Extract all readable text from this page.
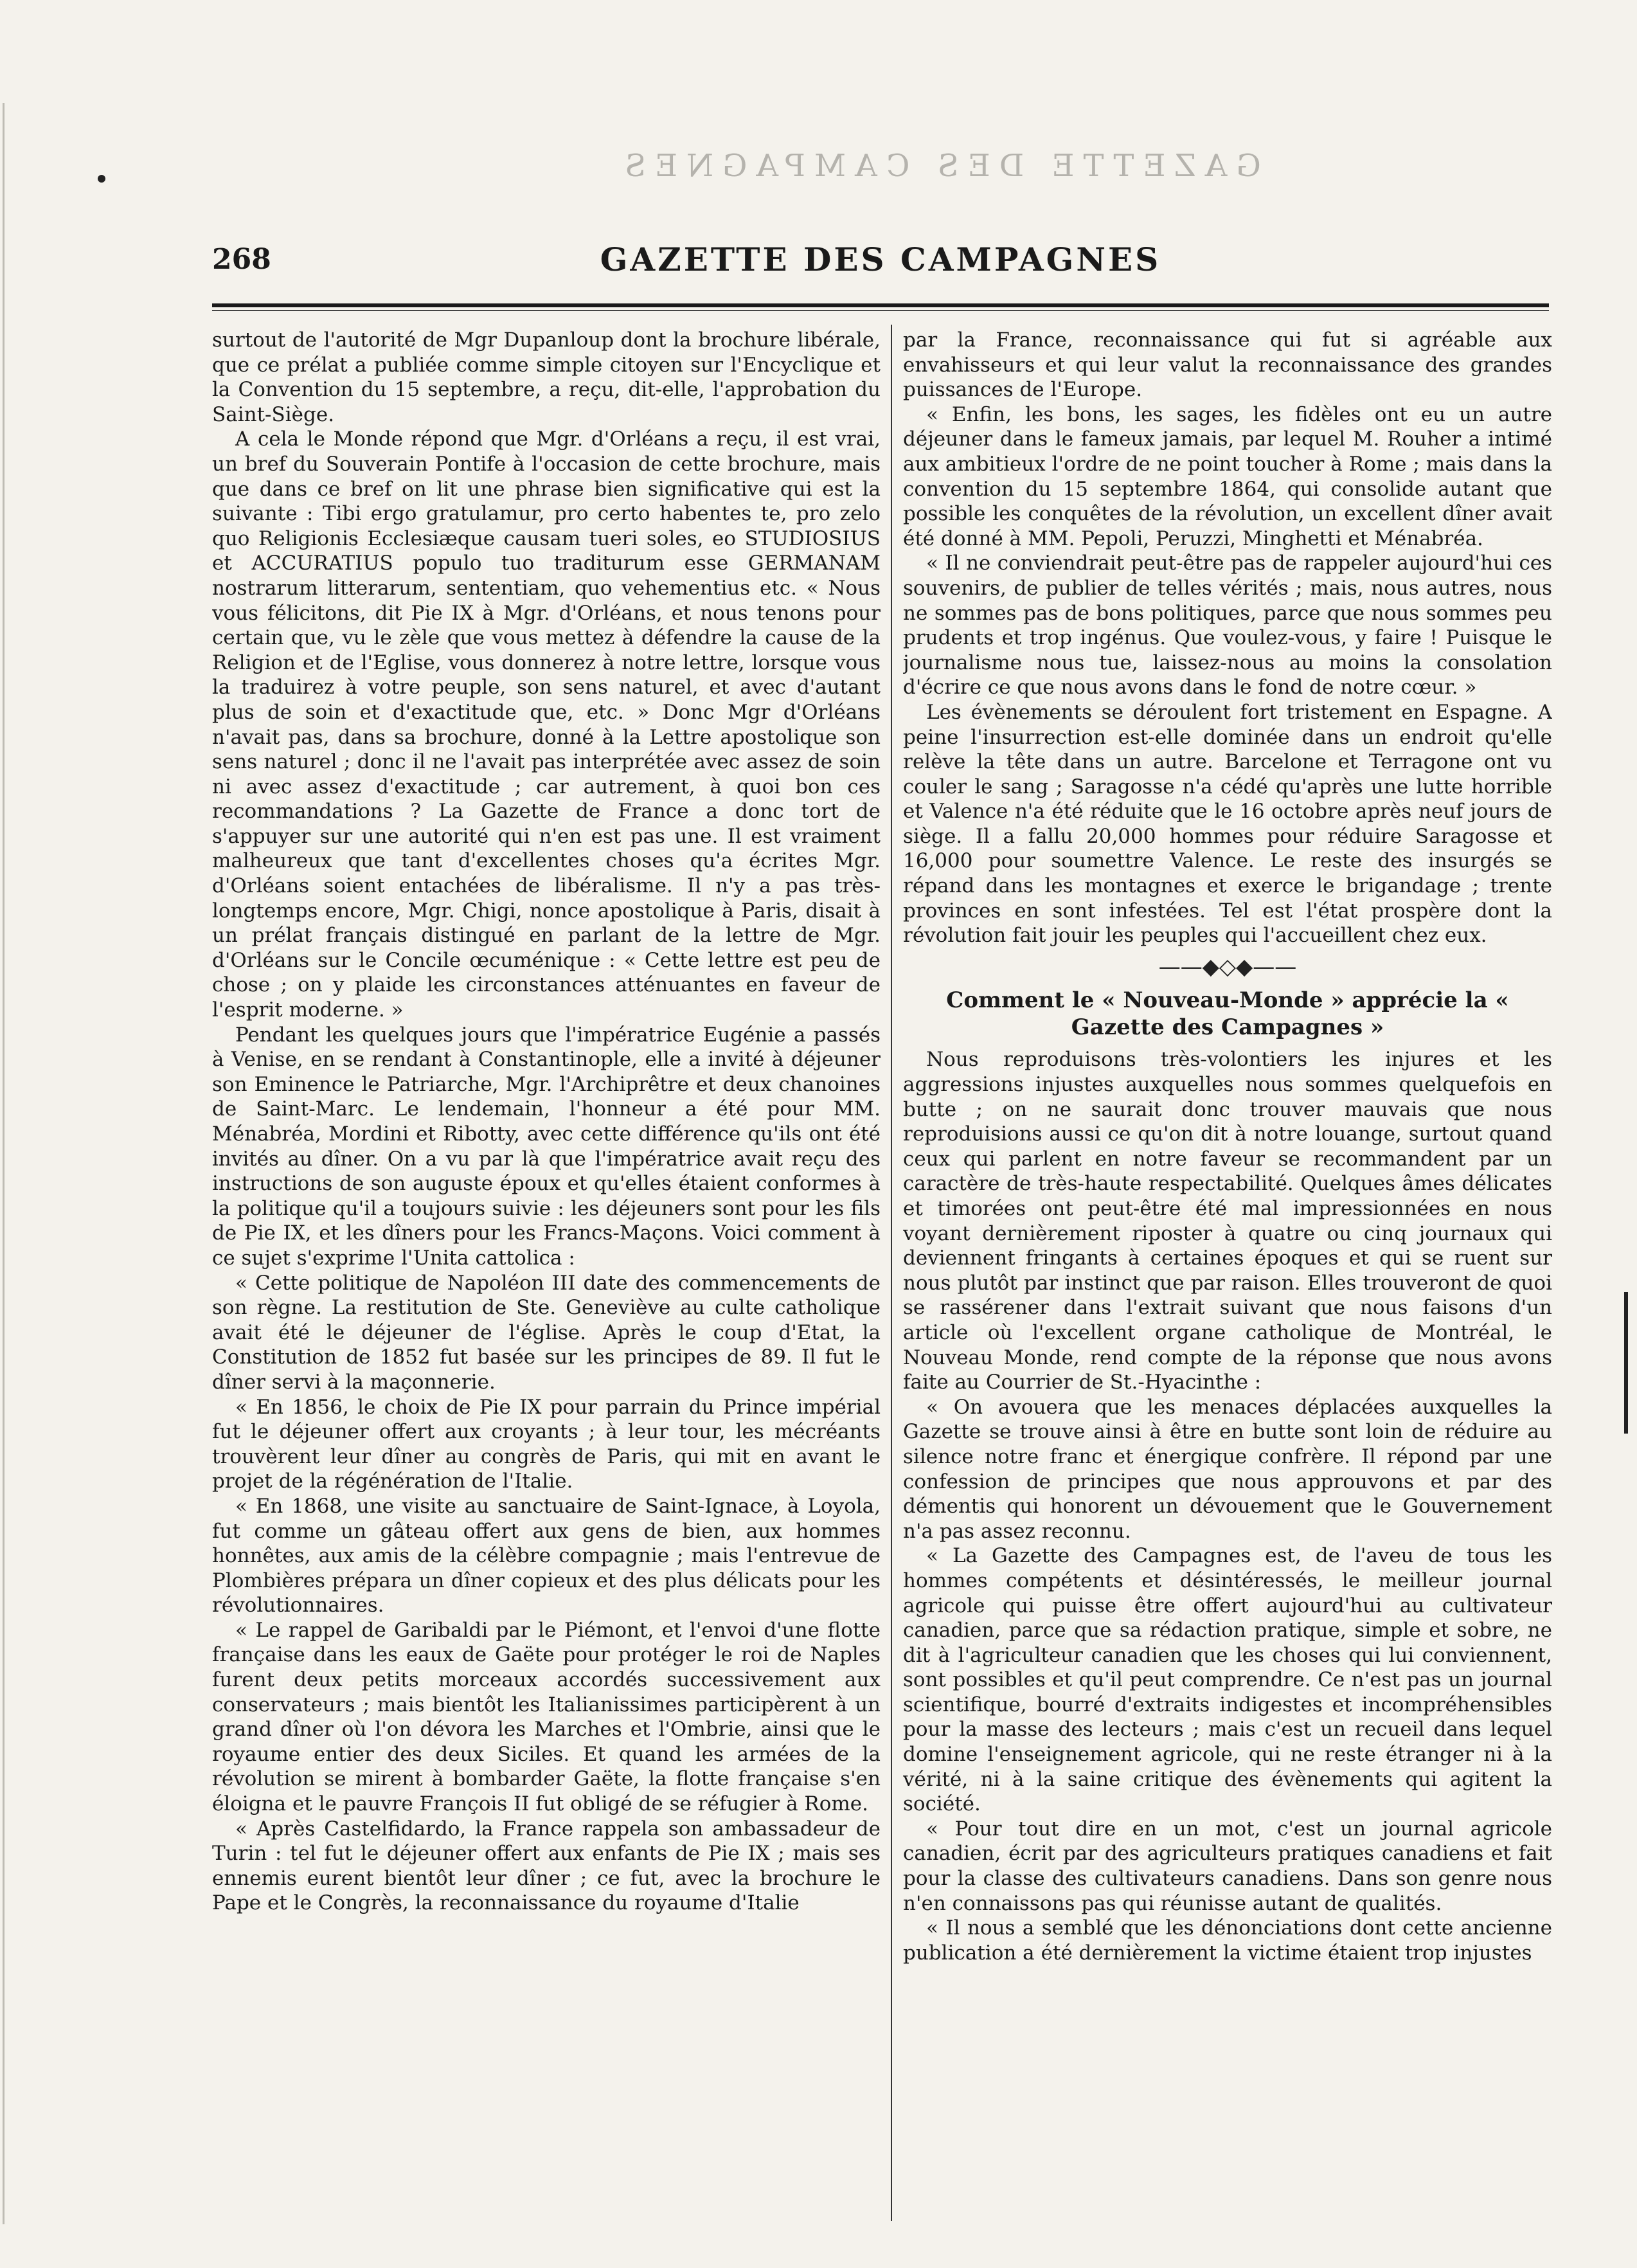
GAZETTE DES CAMPAGNES
268	GAZETTE DES CAMPAGNES

surtout de l'autorité de Mgr Dupanloup dont la brochure libérale, que ce prélat a publiée comme simple citoyen sur l'Encyclique et la Convention du 15 septembre, a reçu, dit-elle, l'approbation du Saint-Siège.

A cela le Monde répond que Mgr. d'Orléans a reçu, il est vrai, un bref du Souverain Pontife à l'occasion de cette brochure, mais que dans ce bref on lit une phrase bien significative qui est la suivante : Tibi ergo gratulamur, pro certo habentes te, pro zelo quo Religionis Ecclesiæque causam tueri soles, eo STUDIOSIUS et ACCURATIUS populo tuo traditurum esse GERMANAM nostrarum litterarum, sententiam, quo vehementius etc. « Nous vous félicitons, dit Pie IX à Mgr. d'Orléans, et nous tenons pour certain que, vu le zèle que vous mettez à défendre la cause de la Religion et de l'Eglise, vous donnerez à notre lettre, lorsque vous la traduirez à votre peuple, son sens naturel, et avec d'autant plus de soin et d'exactitude que, etc. » Donc Mgr d'Orléans n'avait pas, dans sa brochure, donné à la Lettre apostolique son sens naturel ; donc il ne l'avait pas interprétée avec assez de soin ni avec assez d'exactitude ; car autrement, à quoi bon ces recommandations ? La Gazette de France a donc tort de s'appuyer sur une autorité qui n'en est pas une. Il est vraiment malheureux que tant d'excellentes choses qu'a écrites Mgr. d'Orléans soient entachées de libéralisme. Il n'y a pas très-longtemps encore, Mgr. Chigi, nonce apostolique à Paris, disait à un prélat français distingué en parlant de la lettre de Mgr. d'Orléans sur le Concile œcuménique : « Cette lettre est peu de chose ; on y plaide les circonstances atténuantes en faveur de l'esprit moderne. »

Pendant les quelques jours que l'impératrice Eugénie a passés à Venise, en se rendant à Constantinople, elle a invité à déjeuner son Eminence le Patriarche, Mgr. l'Archiprêtre et deux chanoines de Saint-Marc. Le lendemain, l'honneur a été pour MM. Ménabréa, Mordini et Ribotty, avec cette différence qu'ils ont été invités au dîner. On a vu par là que l'impératrice avait reçu des instructions de son auguste époux et qu'elles étaient conformes à la politique qu'il a toujours suivie : les déjeuners sont pour les fils de Pie IX, et les dîners pour les Francs-Maçons. Voici comment à ce sujet s'exprime l'Unita cattolica :

« Cette politique de Napoléon III date des commencements de son règne. La restitution de Ste. Geneviève au culte catholique avait été le déjeuner de l'église. Après le coup d'Etat, la Constitution de 1852 fut basée sur les principes de 89. Il fut le dîner servi à la maçonnerie.

« En 1856, le choix de Pie IX pour parrain du Prince impérial fut le déjeuner offert aux croyants ; à leur tour, les mécréants trouvèrent leur dîner au congrès de Paris, qui mit en avant le projet de la régénération de l'Italie.

« En 1868, une visite au sanctuaire de Saint-Ignace, à Loyola, fut comme un gâteau offert aux gens de bien, aux hommes honnêtes, aux amis de la célèbre compagnie ; mais l'entrevue de Plombières prépara un dîner copieux et des plus délicats pour les révolutionnaires.

« Le rappel de Garibaldi par le Piémont, et l'envoi d'une flotte française dans les eaux de Gaëte pour protéger le roi de Naples furent deux petits morceaux accordés successivement aux conservateurs ; mais bientôt les Italianissimes participèrent à un grand dîner où l'on dévora les Marches et l'Ombrie, ainsi que le royaume entier des deux Siciles. Et quand les armées de la révolution se mirent à bombarder Gaëte, la flotte française s'en éloigna et le pauvre François II fut obligé de se réfugier à Rome.

« Après Castelfidardo, la France rappela son ambassadeur de Turin : tel fut le déjeuner offert aux enfants de Pie IX ; mais ses ennemis eurent bientôt leur dîner ; ce fut, avec la brochure le Pape et le Congrès, la reconnaissance du royaume d'Italie

par la France, reconnaissance qui fut si agréable aux envahisseurs et qui leur valut la reconnaissance des grandes puissances de l'Europe.

« Enfin, les bons, les sages, les fidèles ont eu un autre déjeuner dans le fameux jamais, par lequel M. Rouher a intimé aux ambitieux l'ordre de ne point toucher à Rome ; mais dans la convention du 15 septembre 1864, qui consolide autant que possible les conquêtes de la révolution, un excellent dîner avait été donné à MM. Pepoli, Peruzzi, Minghetti et Ménabréa.

« Il ne conviendrait peut-être pas de rappeler aujourd'hui ces souvenirs, de publier de telles vérités ; mais, nous autres, nous ne sommes pas de bons politiques, parce que nous sommes peu prudents et trop ingénus. Que voulez-vous, y faire ! Puisque le journalisme nous tue, laissez-nous au moins la consolation d'écrire ce que nous avons dans le fond de notre cœur. »

Les évènements se déroulent fort tristement en Espagne. A peine l'insurrection est-elle dominée dans un endroit qu'elle relève la tête dans un autre. Barcelone et Terragone ont vu couler le sang ; Saragosse n'a cédé qu'après une lutte horrible et Valence n'a été réduite que le 16 octobre après neuf jours de siège. Il a fallu 20,000 hommes pour réduire Saragosse et 16,000 pour soumettre Valence. Le reste des insurgés se répand dans les montagnes et exerce le brigandage ; trente provinces en sont infestées. Tel est l'état prospère dont la révolution fait jouir les peuples qui l'accueillent chez eux.

——◆◇◆——
Comment le « Nouveau-Monde » apprécie la « Gazette des Campagnes »

Nous reproduisons très-volontiers les injures et les aggressions injustes auxquelles nous sommes quelquefois en butte ; on ne saurait donc trouver mauvais que nous reproduisions aussi ce qu'on dit à notre louange, surtout quand ceux qui parlent en notre faveur se recommandent par un caractère de très-haute respectabilité. Quelques âmes délicates et timorées ont peut-être été mal impressionnées en nous voyant dernièrement riposter à quatre ou cinq journaux qui deviennent fringants à certaines époques et qui se ruent sur nous plutôt par instinct que par raison. Elles trouveront de quoi se rassérener dans l'extrait suivant que nous faisons d'un article où l'excellent organe catholique de Montréal, le Nouveau Monde, rend compte de la réponse que nous avons faite au Courrier de St.-Hyacinthe :

« On avouera que les menaces déplacées auxquelles la Gazette se trouve ainsi à être en butte sont loin de réduire au silence notre franc et énergique confrère. Il répond par une confession de principes que nous approuvons et par des démentis qui honorent un dévouement que le Gouvernement n'a pas assez reconnu.

« La Gazette des Campagnes est, de l'aveu de tous les hommes compétents et désintéressés, le meilleur journal agricole qui puisse être offert aujourd'hui au cultivateur canadien, parce que sa rédaction pratique, simple et sobre, ne dit à l'agriculteur canadien que les choses qui lui conviennent, sont possibles et qu'il peut comprendre. Ce n'est pas un journal scientifique, bourré d'extraits indigestes et incompréhensibles pour la masse des lecteurs ; mais c'est un recueil dans lequel domine l'enseignement agricole, qui ne reste étranger ni à la vérité, ni à la saine critique des évènements qui agitent la société.

« Pour tout dire en un mot, c'est un journal agricole canadien, écrit par des agriculteurs pratiques canadiens et fait pour la classe des cultivateurs canadiens. Dans son genre nous n'en connaissons pas qui réunisse autant de qualités.

« Il nous a semblé que les dénonciations dont cette ancienne publication a été dernièrement la victime étaient trop injustes
